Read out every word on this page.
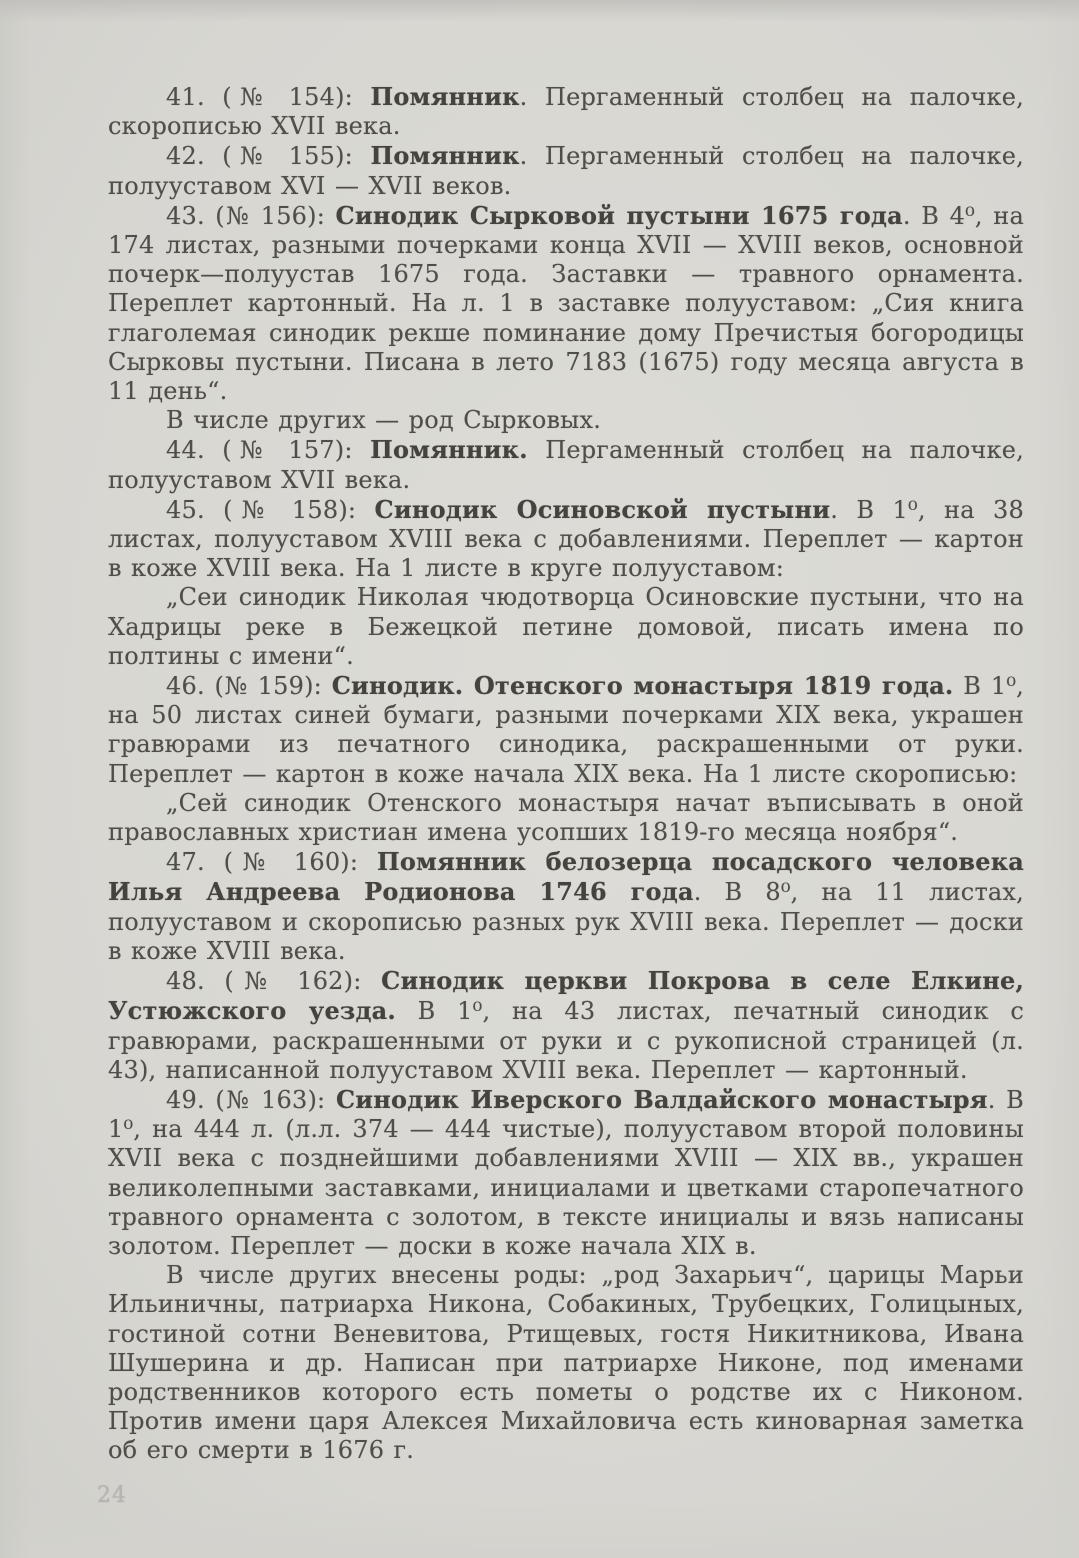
41. (№ 154): Помянник. Пергаменный столбец на палочке, скорописью XVII века.

42. (№ 155): Помянник. Пергаменный столбец на палочке, полууставом XVI — XVII веков.

43. (№ 156): Синодик Сырковой пустыни 1675 года. В 4⁰, на 174 листах, разными почерками конца XVII — XVIII веков, основной почерк—полуустав 1675 года. Заставки — травного орнамента. Переплет картонный. На л. 1 в заставке полууставом: „Сия книга глаголемая синодик рекше поминание дому Пречистыя богородицы Сырковы пустыни. Писана в лето 7183 (1675) году месяца августа в 11 день“.

В числе других — род Сырковых.

44. (№ 157): Помянник. Пергаменный столбец на палочке, полууставом XVII века.

45. (№ 158): Синодик Осиновской пустыни. В 1⁰, на 38 листах, полууставом XVIII века с добавлениями. Переплет — картон в коже XVIII века. На 1 листе в круге полууставом:

„Сеи синодик Николая чюдотворца Осиновские пустыни, что на Хадрицы реке в Бежецкой петине домовой, писать имена по полтины с имени“.

46. (№ 159): Синодик. Отенского монастыря 1819 года. В 1⁰, на 50 листах синей бумаги, разными почерками XIX века, украшен гравюрами из печатного синодика, раскрашенными от руки. Переплет — картон в коже начала XIX века. На 1 листе скорописью:

„Сей синодик Отенского монастыря начат въписывать в оной православных христиан имена усопших 1819-го месяца ноября“.

47. (№ 160): Помянник белозерца посадского человека Илья Андреева Родионова 1746 года. В 8⁰, на 11 листах, полууставом и скорописью разных рук XVIII века. Переплет — доски в коже XVIII века.

48. (№ 162): Синодик церкви Покрова в селе Елкине, Устюжского уезда. В 1⁰, на 43 листах, печатный синодик с гравюрами, раскрашенными от руки и с рукописной страницей (л. 43), написанной полууставом XVIII века. Переплет — картонный.

49. (№ 163): Синодик Иверского Валдайского монастыря. В 1⁰, на 444 л. (л.л. 374 — 444 чистые), полууставом второй половины XVII века с позднейшими добавлениями XVIII — XIX вв., украшен великолепными заставками, инициалами и цветками старопечатного травного орнамента с золотом, в тексте инициалы и вязь написаны золотом. Переплет — доски в коже начала XIX в.

В числе других внесены роды: „род Захарьич“, царицы Марьи Ильиничны, патриарха Никона, Собакиных, Трубецких, Голицыных, гостиной сотни Веневитова, Ртищевых, гостя Никитникова, Ивана Шушерина и др. Написан при патриархе Никоне, под именами родственников которого есть пометы о родстве их с Никоном. Против имени царя Алексея Михайловича есть киноварная заметка об его смерти в 1676 г.

24
